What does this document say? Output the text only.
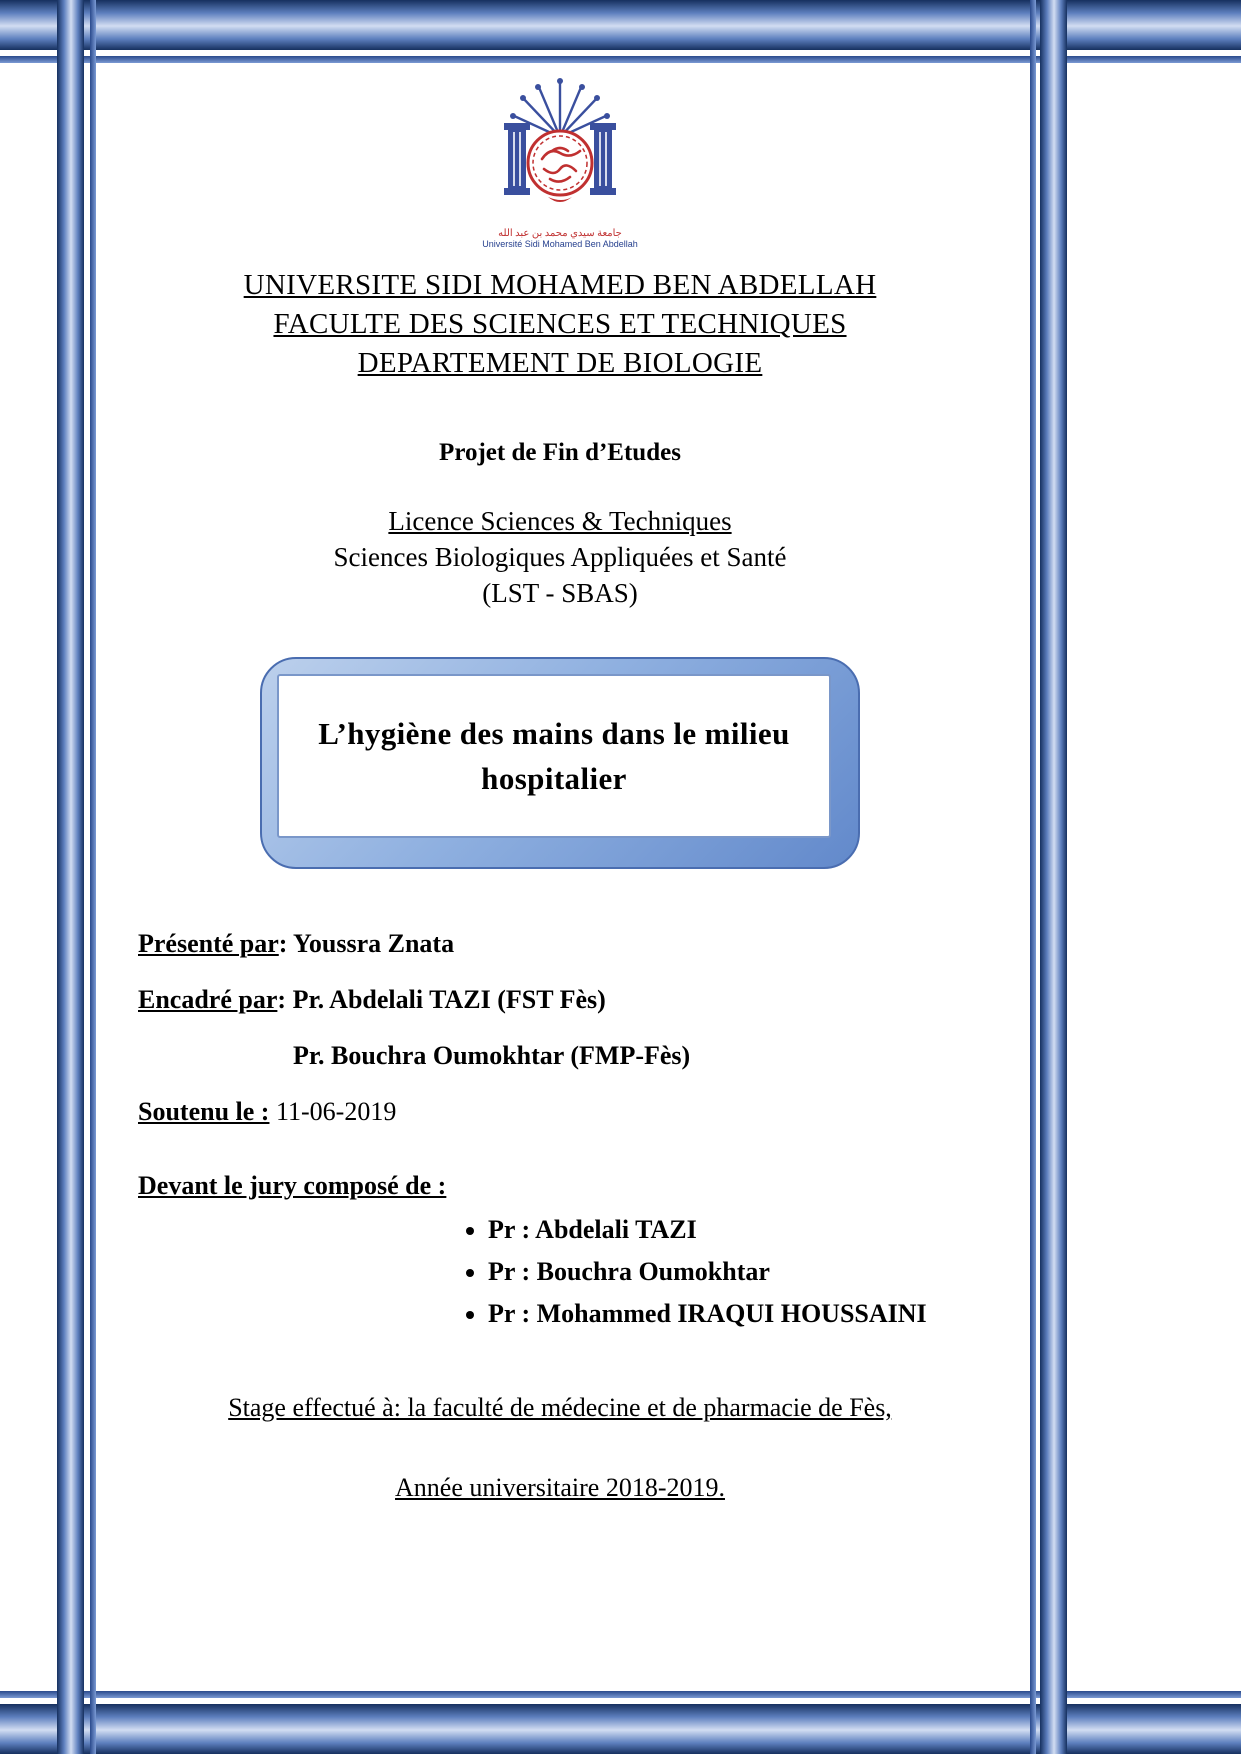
جامعة سيدي محمد بن عبد الله
Université Sidi Mohamed Ben Abdellah
UNIVERSITE SIDI MOHAMED BEN ABDELLAH
FACULTE DES SCIENCES ET TECHNIQUES
DEPARTEMENT DE BIOLOGIE
Projet de Fin d’Etudes
Licence Sciences & Techniques
Sciences Biologiques Appliquées et Santé
(LST - SBAS)
L’hygiène des mains dans le milieu
hospitalier
Présenté par: Youssra Znata
Encadré par: Pr. Abdelali TAZI (FST Fès)
Pr. Bouchra Oumokhtar (FMP-Fès)
Soutenu le : 11-06-2019
Devant le jury composé de :
• Pr : Abdelali TAZI
• Pr : Bouchra Oumokhtar
• Pr : Mohammed IRAQUI HOUSSAINI
Stage effectué à: la faculté de médecine et de pharmacie de Fès,
Année universitaire 2018-2019.
